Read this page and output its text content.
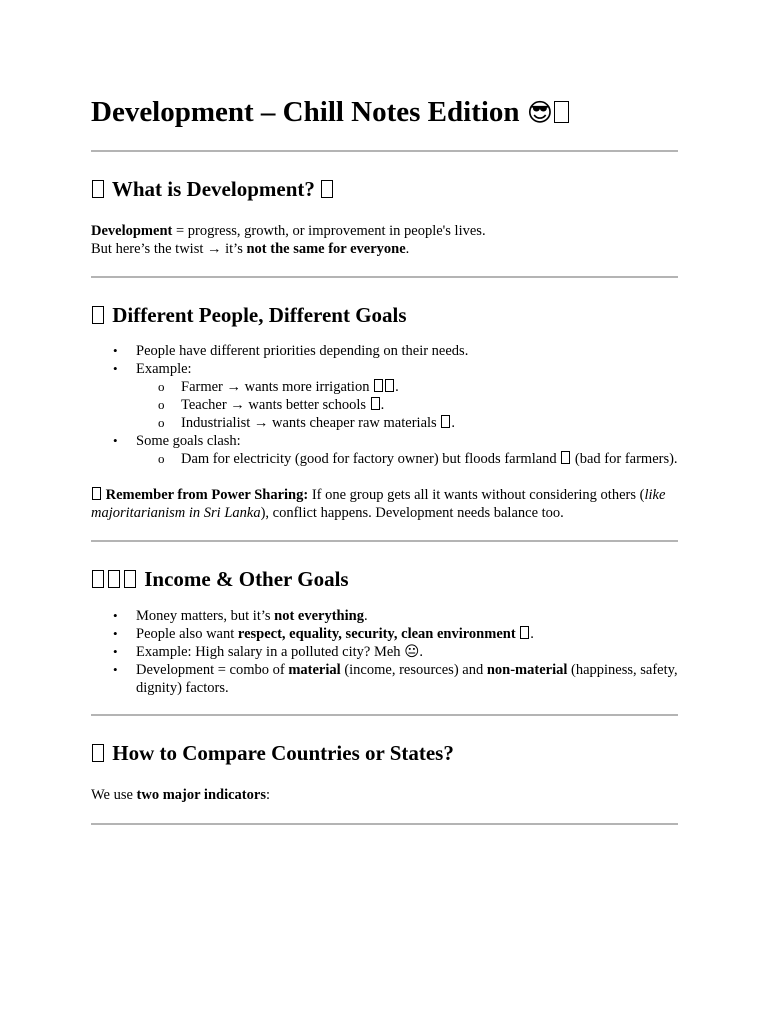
Development – Chill Notes Edition 😎
What is Development?

Development = progress, growth, or improvement in people's lives.
But here’s the twist → it’s not the same for everyone.

Different People, Different Goals
• People have different priorities depending on their needs.
• Example:
o Farmer → wants more irrigation .
o Teacher → wants better schools .
o Industrialist → wants cheaper raw materials .
• Some goals clash:
o Dam for electricity (good for factory owner) but floods farmland (bad for farmers).

Remember from Power Sharing: If one group gets all it wants without considering others (like majoritarianism in Sri Lanka), conflict happens. Development needs balance too.

Income & Other Goals
• Money matters, but it’s not everything.
• People also want respect, equality, security, clean environment .
• Example: High salary in a polluted city? Meh 😐.
• Development = combo of material (income, resources) and non-material (happiness, safety, dignity) factors.
How to Compare Countries or States?

We use two major indicators:
